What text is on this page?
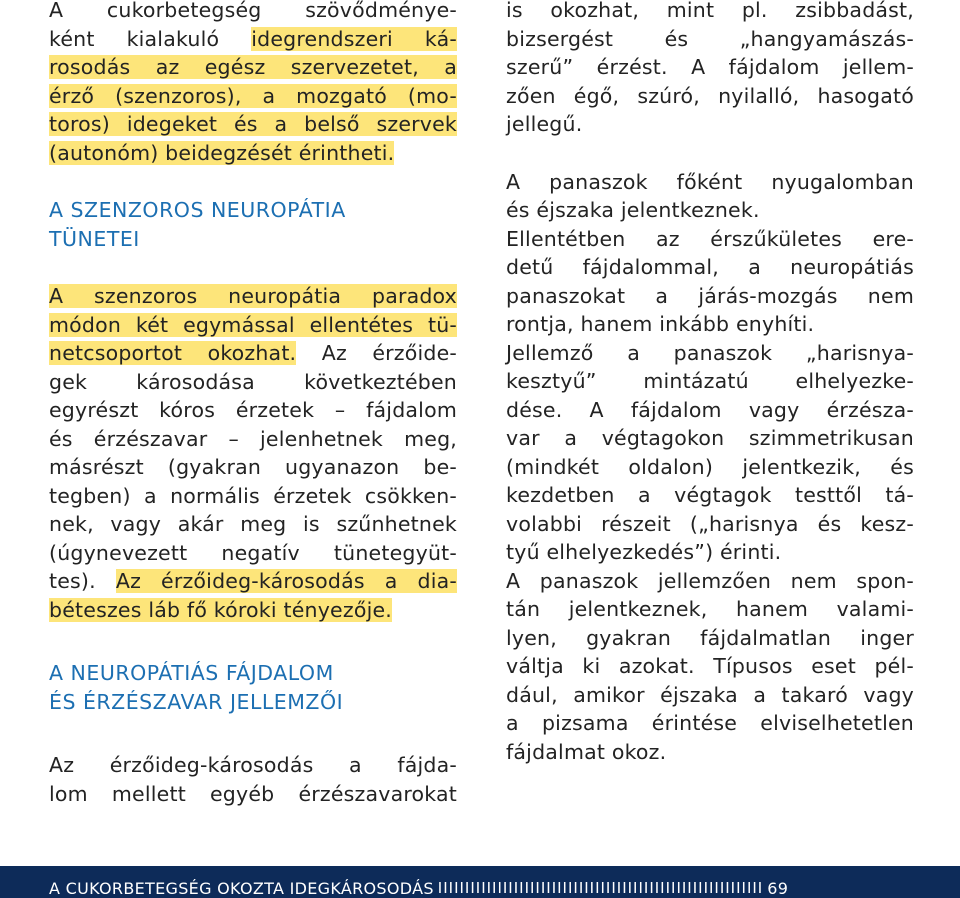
A cukorbetegség szövődménye-
ként kialakuló idegrendszeri ká-
rosodás az egész szervezetet, a
érző (szenzoros), a mozgató (mo-
toros) idegeket és a belső szervek
(autonóm) beidegzését érintheti.
A SZENZOROS NEUROPÁTIA
TÜNETEI
A szenzoros neuropátia paradox
módon két egymással ellentétes tü-
netcsoportot okozhat. Az érzőide-
gek károsodása következtében
egyrészt kóros érzetek – fájdalom
és érzészavar – jelenhetnek meg,
másrészt (gyakran ugyanazon be-
tegben) a normális érzetek csökken-
nek, vagy akár meg is szűnhetnek
(úgynevezett negatív tünetegyüt-
tes). Az érzőideg-károsodás a dia-
béteszes láb fő kóroki tényezője.
A NEUROPÁTIÁS FÁJDALOM
ÉS ÉRZÉSZAVAR JELLEMZŐI
Az érzőideg-károsodás a fájda-
lom mellett egyéb érzészavarokat
is okozhat, mint pl. zsibbadást,
bizsergést és „hangyamászás-
szerű” érzést. A fájdalom jellem-
zően égő, szúró, nyilalló, hasogató
jellegű.
A panaszok főként nyugalomban
és éjszaka jelentkeznek.
Ellentétben az érszűkületes ere-
detű fájdalommal, a neuropátiás
panaszokat a járás-mozgás nem
rontja, hanem inkább enyhíti.
Jellemző a panaszok „harisnya-
kesztyű” mintázatú elhelyezke-
dése. A fájdalom vagy érzésza-
var a végtagokon szimmetrikusan
(mindkét oldalon) jelentkezik, és
kezdetben a végtagok testtől tá-
volabbi részeit („harisnya és kesz-
tyű elhelyezkedés”) érinti.
A panaszok jellemzően nem spon-
tán jelentkeznek, hanem valami-
lyen, gyakran fájdalmatlan inger
váltja ki azokat. Típusos eset pél-
dául, amikor éjszaka a takaró vagy
a pizsama érintése elviselhetetlen
fájdalmat okoz.
A CUKORBETEGSÉG OKOZTA IDEGKÁROSODÁS IIIIIIIIIIIIIIIIIIIIIIIIIIIIIIIIIIIIIIIIIIIIIIIIIIIIIIIIIIII 69
